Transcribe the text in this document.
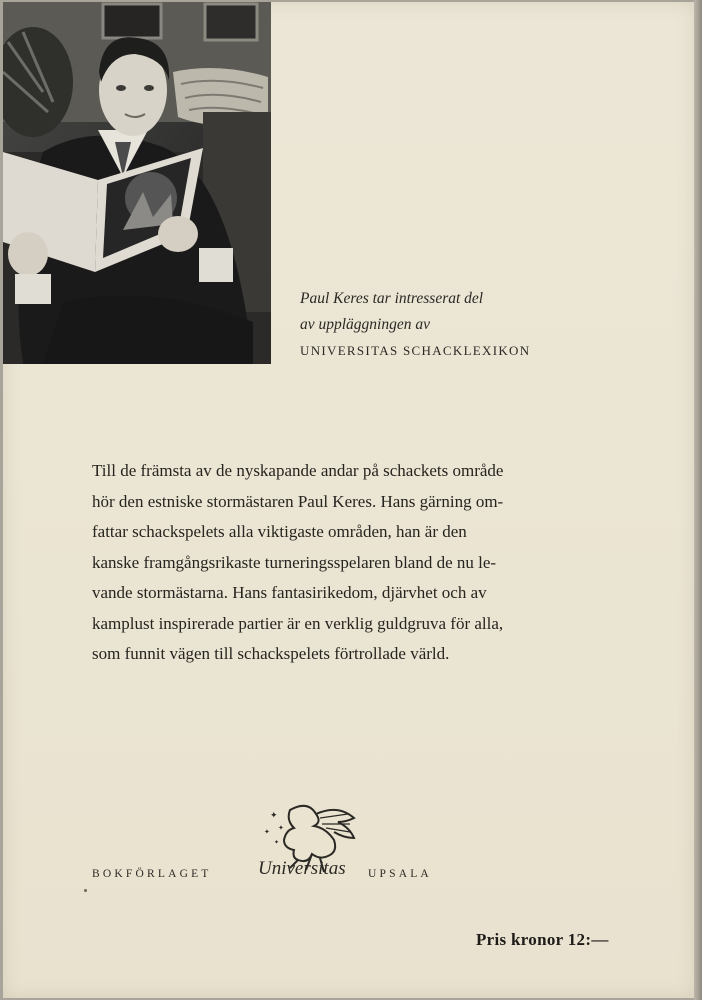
Paul Keres tar intresserat del
av uppläggningen av
UNIVERSITAS SCHACKLEXIKON
Till de främsta av de nyskapande andar på schackets område
hör den estniske stormästaren Paul Keres. Hans gärning om-
fattar schackspelets alla viktigaste områden, han är den
kanske framgångsrikaste turneringsspelaren bland de nu le-
vande stormästarna. Hans fantasirikedom, djärvhet och av
kamplust inspirerade partier är en verklig guldgruva för alla,
som funnit vägen till schackspelets förtrollade värld.
BOKFÖRLAGET
✦
✦
✦
✦
Universitas UPSALA
Pris kronor 12:—
